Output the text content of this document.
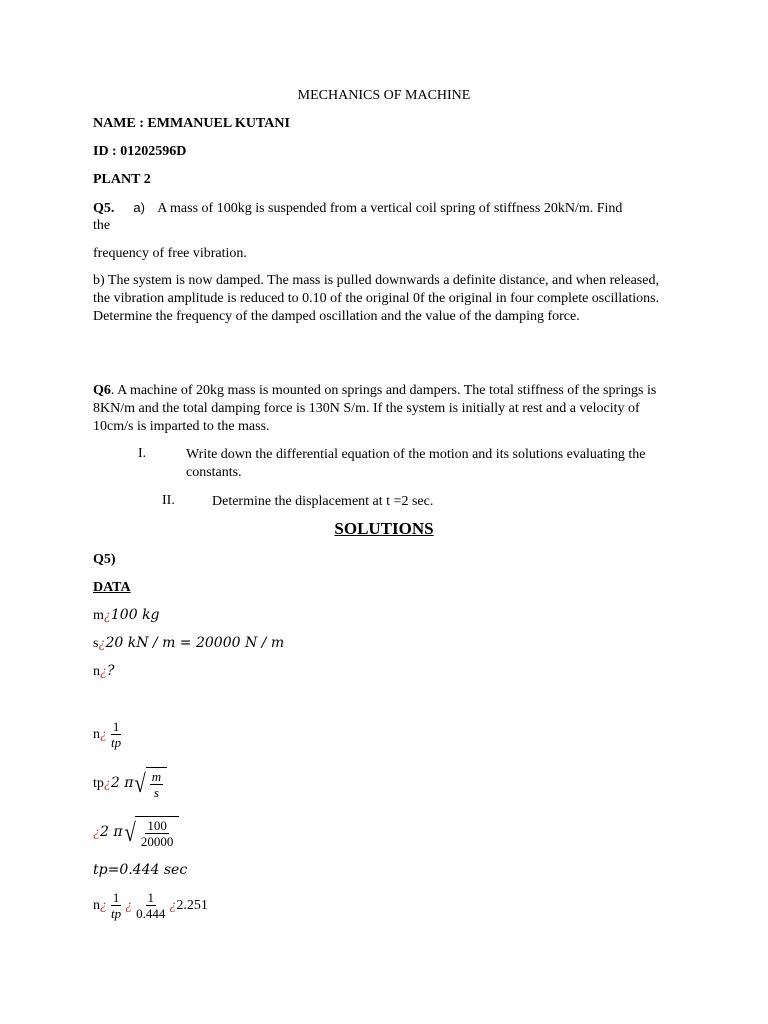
MECHANICS OF MACHINE
NAME : EMMANUEL KUTANI
ID : 01202596D
PLANT 2
Q5. a) A mass of 100kg is suspended from a vertical coil spring of stiffness 20kN/m. Find
the
frequency of free vibration.
b) The system is now damped. The mass is pulled downwards a definite distance, and when released, the vibration amplitude is reduced to 0.10 of the original 0f the original in four complete oscillations. Determine the frequency of the damped oscillation and the value of the damping force.
Q6. A machine of 20kg mass is mounted on springs and dampers. The total stiffness of the springs is 8KN/m and the total damping force is 130N S/m. If the system is initially at rest and a velocity of 10cm/s is imparted to the mass.
I.	Write down the differential equation of the motion and its solutions evaluating the constants.
II.	Determine the displacement at t =2 sec.
SOLUTIONS
Q5)
DATA
m¿100 kg
s¿20 kN / m = 20000 N / m
n¿?
n¿ $\frac{1}{tp}$
tp¿2 π √ $\frac{m}{s}$
¿2 π √ $\frac{100}{20000}$
tp=0.444 sec
n¿ $\frac{1}{tp}$ ¿ $\frac{1}{0.444}$ ¿2.251
